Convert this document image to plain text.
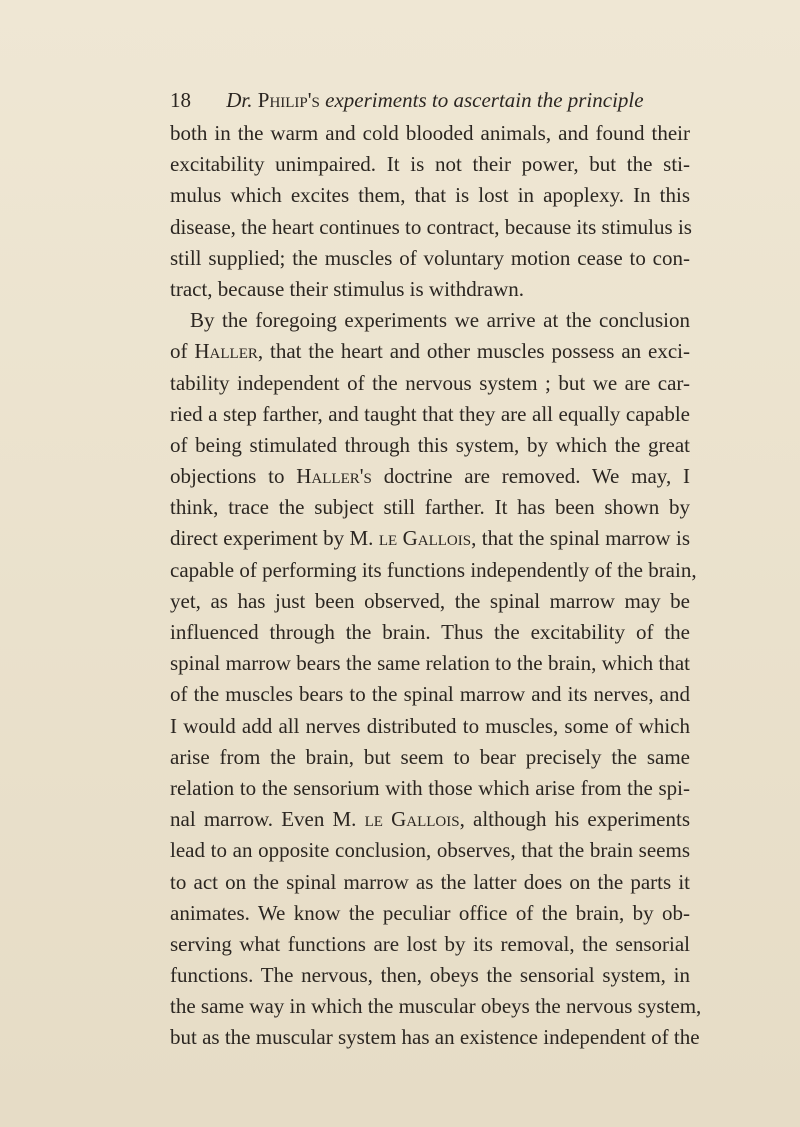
18 Dr. Philip's experiments to ascertain the principle
both in the warm and cold blooded animals, and found their
excitability unimpaired. It is not their power, but the sti-
mulus which excites them, that is lost in apoplexy. In this
disease, the heart continues to contract, because its stimulus is
still supplied; the muscles of voluntary motion cease to con-
tract, because their stimulus is withdrawn.
By the foregoing experiments we arrive at the conclusion
of Haller, that the heart and other muscles possess an exci-
tability independent of the nervous system ; but we are car-
ried a step farther, and taught that they are all equally capable
of being stimulated through this system, by which the great
objections to Haller's doctrine are removed. We may, I
think, trace the subject still farther. It has been shown by
direct experiment by M. le Gallois, that the spinal marrow is
capable of performing its functions independently of the brain,
yet, as has just been observed, the spinal marrow may be
influenced through the brain. Thus the excitability of the
spinal marrow bears the same relation to the brain, which that
of the muscles bears to the spinal marrow and its nerves, and
I would add all nerves distributed to muscles, some of which
arise from the brain, but seem to bear precisely the same
relation to the sensorium with those which arise from the spi-
nal marrow. Even M. le Gallois, although his experiments
lead to an opposite conclusion, observes, that the brain seems
to act on the spinal marrow as the latter does on the parts it
animates. We know the peculiar office of the brain, by ob-
serving what functions are lost by its removal, the sensorial
functions. The nervous, then, obeys the sensorial system, in
the same way in which the muscular obeys the nervous system,
but as the muscular system has an existence independent of the
